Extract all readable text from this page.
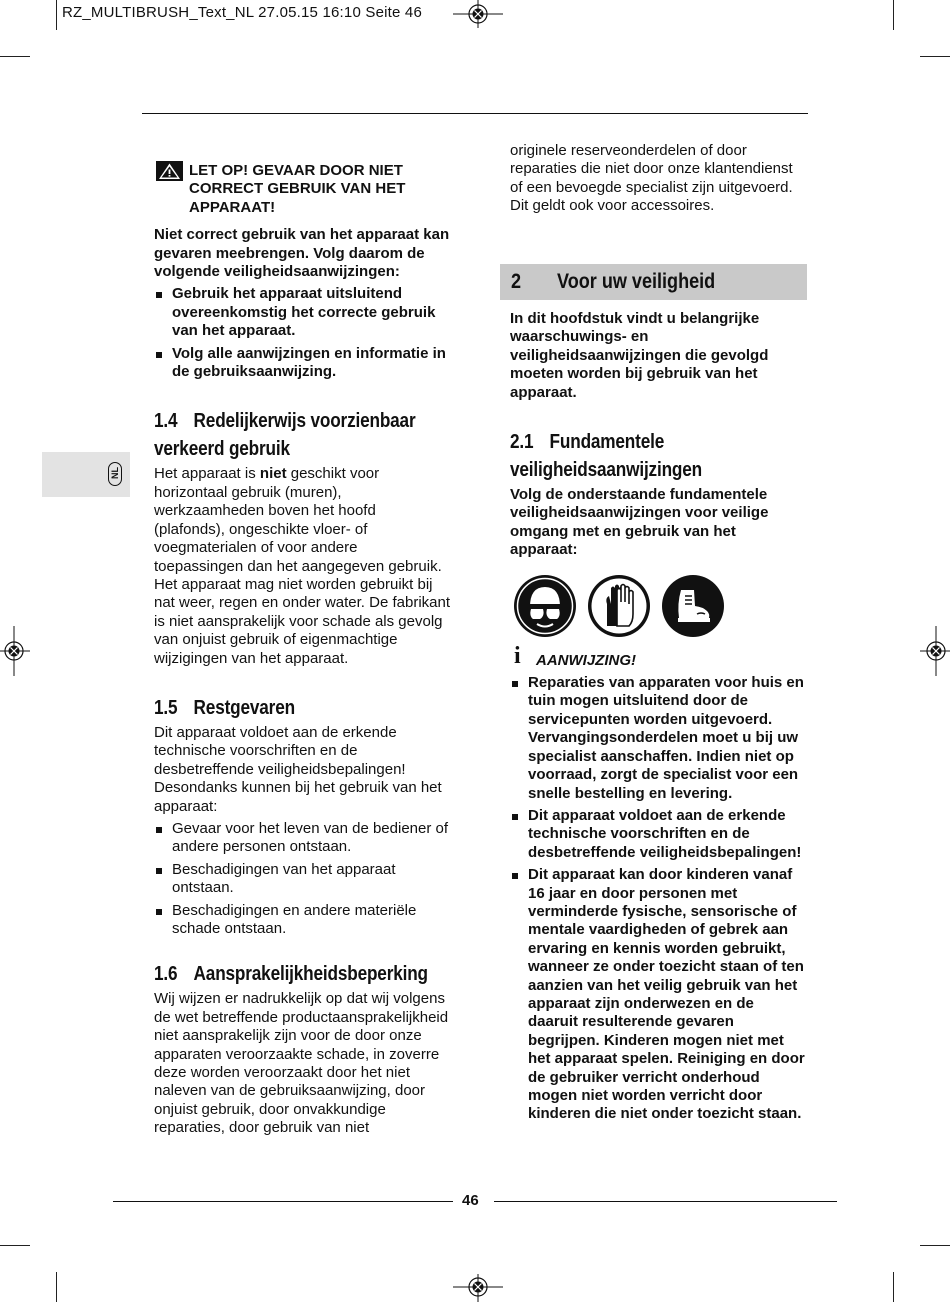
RZ_MULTIBRUSH_Text_NL 27.05.15 16:10 Seite 46
NL
LET OP! GEVAAR DOOR NIET CORRECT GEBRUIK VAN HET APPARAAT!

Niet correct gebruik van het apparaat kan gevaren meebrengen. Volg daarom de volgende veiligheidsaanwijzingen:

Gebruik het apparaat uitsluitend overeenkomstig het correcte gebruik van het apparaat.
Volg alle aanwijzingen en informatie in de gebruiksaanwijzing.
1.4 Redelijkerwijs voorzienbaar verkeerd gebruik

Het apparaat is niet geschikt voor horizontaal gebruik (muren), werkzaamheden boven het hoofd (plafonds), ongeschikte vloer- of voegmaterialen of voor andere toepassingen dan het aangegeven gebruik. Het apparaat mag niet worden gebruikt bij nat weer, regen en onder water. De fabrikant is niet aansprakelijk voor schade als gevolg van onjuist gebruik of eigenmachtige wijzigingen van het apparaat.

1.5 Restgevaren

Dit apparaat voldoet aan de erkende technische voorschriften en de desbetreffende veiligheidsbepalingen! Desondanks kunnen bij het gebruik van het apparaat:

Gevaar voor het leven van de bediener of andere personen ontstaan.
Beschadigingen van het apparaat ontstaan.
Beschadigingen en andere materiële schade ontstaan.
1.6 Aansprakelijkheidsbeperking

Wij wijzen er nadrukkelijk op dat wij volgens de wet betreffende productaansprakelijkheid niet aansprakelijk zijn voor de door onze apparaten veroorzaakte schade, in zoverre deze worden veroorzaakt door het niet naleven van de gebruiksaanwijzing, door onjuist gebruik, door onvakkundige reparaties, door gebruik van niet

originele reserveonderdelen of door reparaties die niet door onze klantendienst of een bevoegde specialist zijn uitgevoerd. Dit geldt ook voor accessoires.

2 Voor uw veiligheid

In dit hoofdstuk vindt u belangrijke waarschuwings- en veiligheidsaanwijzingen die gevolgd moeten worden bij gebruik van het apparaat.

2.1 Fundamentele veiligheidsaanwijzingen

Volg de onderstaande fundamentele veiligheidsaanwijzingen voor veilige omgang met en gebruik van het apparaat:

i AANWIJZING!
Reparaties van apparaten voor huis en tuin mogen uitsluitend door de servicepunten worden uitgevoerd. Vervangingsonderdelen moet u bij uw specialist aanschaffen. Indien niet op voorraad, zorgt de specialist voor een snelle bestelling en levering.
Dit apparaat voldoet aan de erkende technische voorschriften en de desbetreffende veiligheidsbepalingen!
Dit apparaat kan door kinderen vanaf 16 jaar en door personen met verminderde fysische, sensorische of mentale vaardigheden of gebrek aan ervaring en kennis worden gebruikt, wanneer ze onder toezicht staan of ten aanzien van het veilig gebruik van het apparaat zijn onderwezen en de daaruit resulterende gevaren begrijpen. Kinderen mogen niet met het apparaat spelen. Reiniging en door de gebruiker verricht onderhoud mogen niet worden verricht door kinderen die niet onder toezicht staan.
46
